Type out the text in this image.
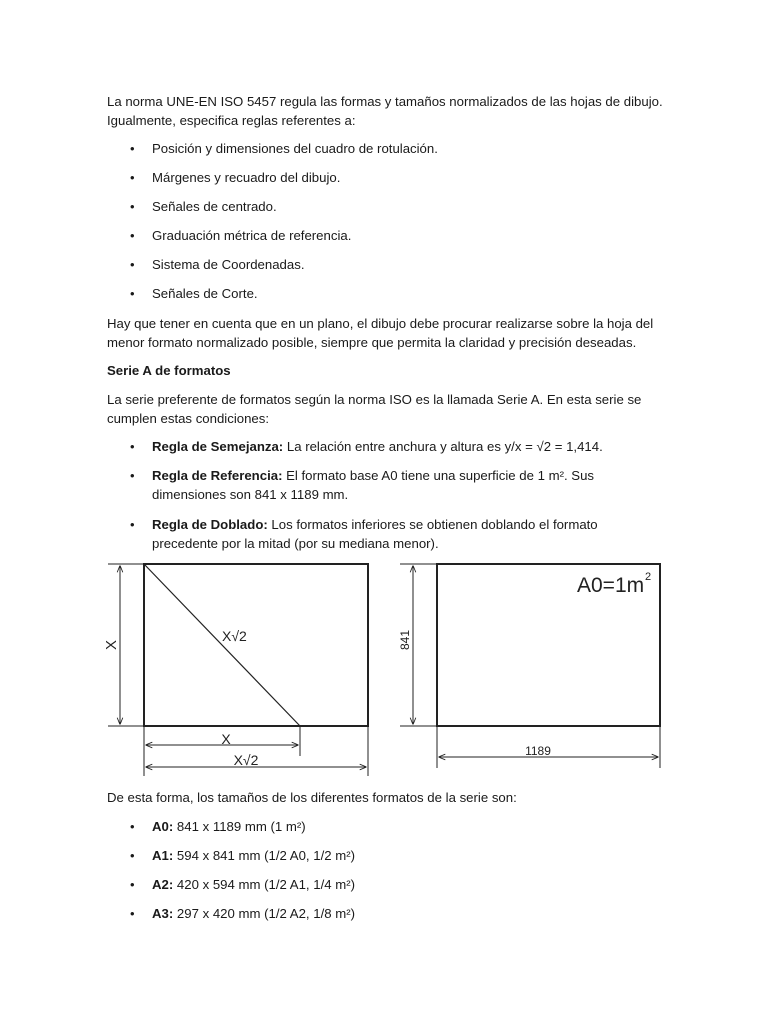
La norma UNE-EN ISO 5457 regula las formas y tamaños normalizados de las hojas de dibujo. Igualmente, especifica reglas referentes a:

•
Posición y dimensiones del cuadro de rotulación.
•
Márgenes y recuadro del dibujo.
•
Señales de centrado.
•
Graduación métrica de referencia.
•
Sistema de Coordenadas.
•
Señales de Corte.

Hay que tener en cuenta que en un plano, el dibujo debe procurar realizarse sobre la hoja del menor formato normalizado posible, siempre que permita la claridad y precisión deseadas.

Serie A de formatos

La serie preferente de formatos según la norma ISO es la llamada Serie A. En esta serie se cumplen estas condiciones:

•
Regla de Semejanza: La relación entre anchura y altura es y/x = √2 = 1,414.
•
Regla de Referencia: El formato base A0 tiene una superficie de 1 m². Sus dimensiones son 841 x 1189 mm.
•
Regla de Doblado: Los formatos inferiores se obtienen doblando el formato precedente por la mitad (por su mediana menor).
X
X√2
X
X√2
A0=1m 2
841
1189

De esta forma, los tamaños de los diferentes formatos de la serie son:

•
A0: 841 x 1189 mm (1 m²)
•
A1: 594 x 841 mm (1/2 A0, 1/2 m²)
•
A2: 420 x 594 mm (1/2 A1, 1/4 m²)
•
A3: 297 x 420 mm (1/2 A2, 1/8 m²)
